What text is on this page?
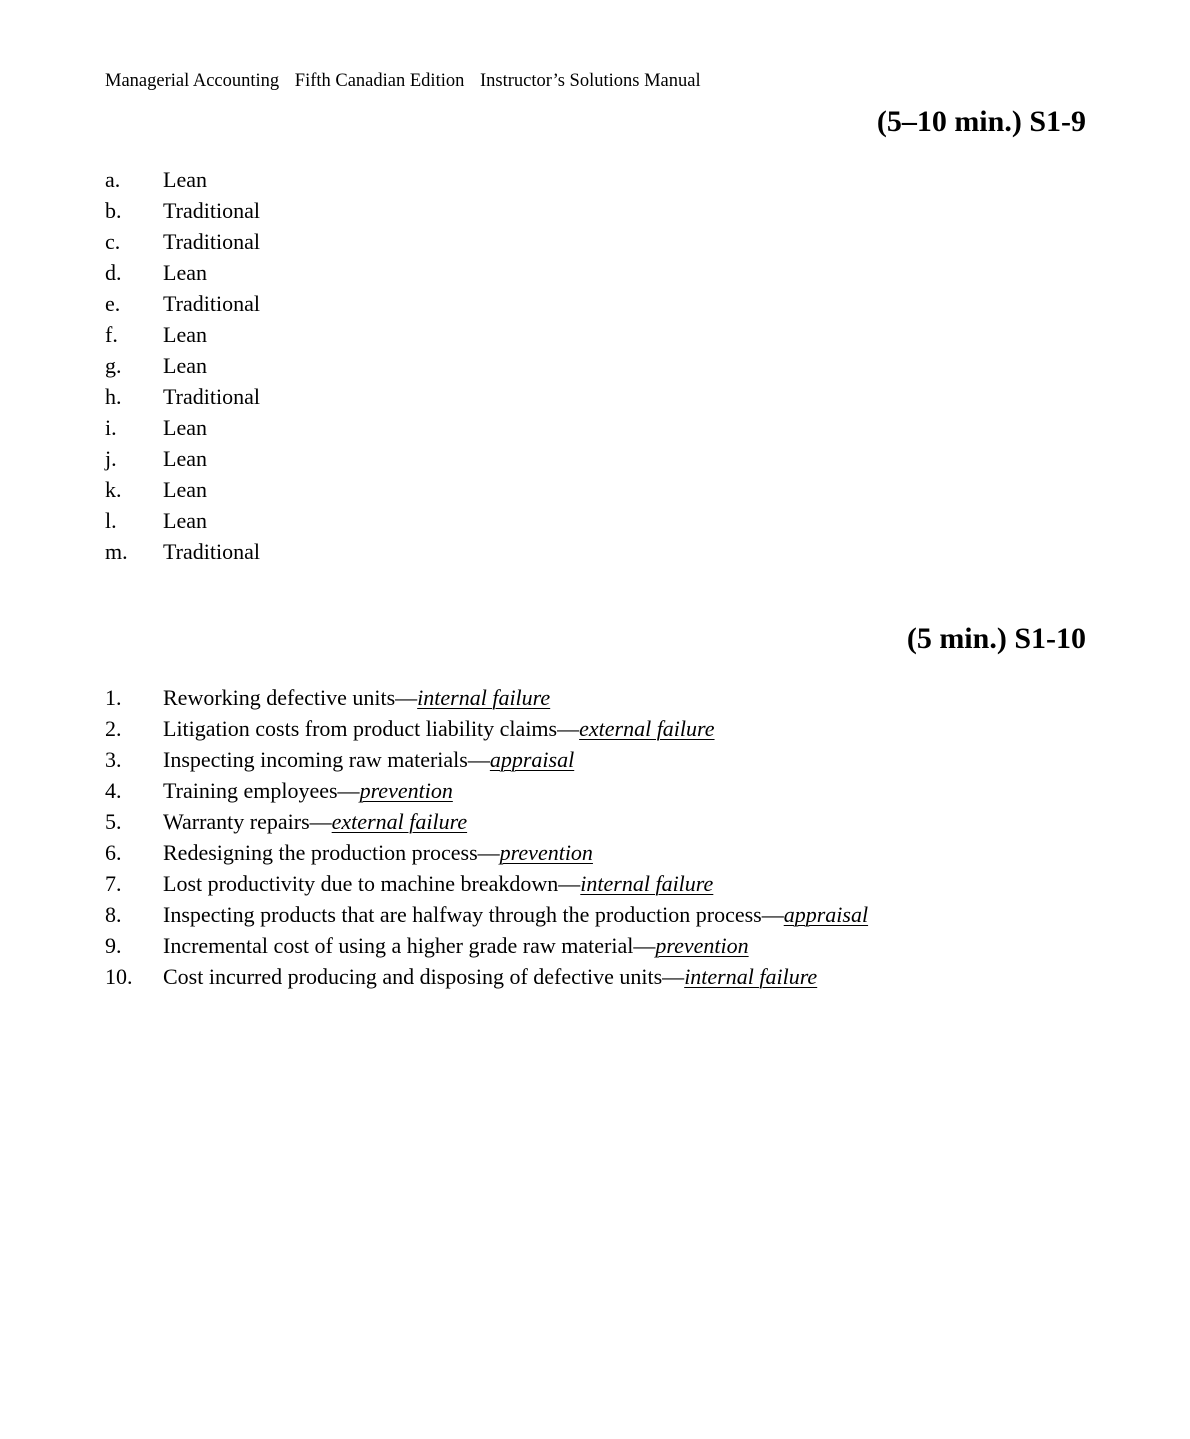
Managerial Accounting Fifth Canadian Edition Instructor’s Solutions Manual
(5–10 min.) S1-9
a.	Lean
b.	Traditional
c.	Traditional
d.	Lean
e.	Traditional
f.	Lean
g.	Lean
h.	Traditional
i.	Lean
j.	Lean
k.	Lean
l.	Lean
m.	Traditional
(5 min.) S1-10
1.	Reworking defective units— internal failure
2.	Litigation costs from product liability claims— external failure
3.	Inspecting incoming raw materials— appraisal
4.	Training employees— prevention
5.	Warranty repairs— external failure
6.	Redesigning the production process— prevention
7.	Lost productivity due to machine breakdown— internal failure
8.	Inspecting products that are halfway through the production process— appraisal
9.	Incremental cost of using a higher grade raw material— prevention
10.	Cost incurred producing and disposing of defective units— internal failure
